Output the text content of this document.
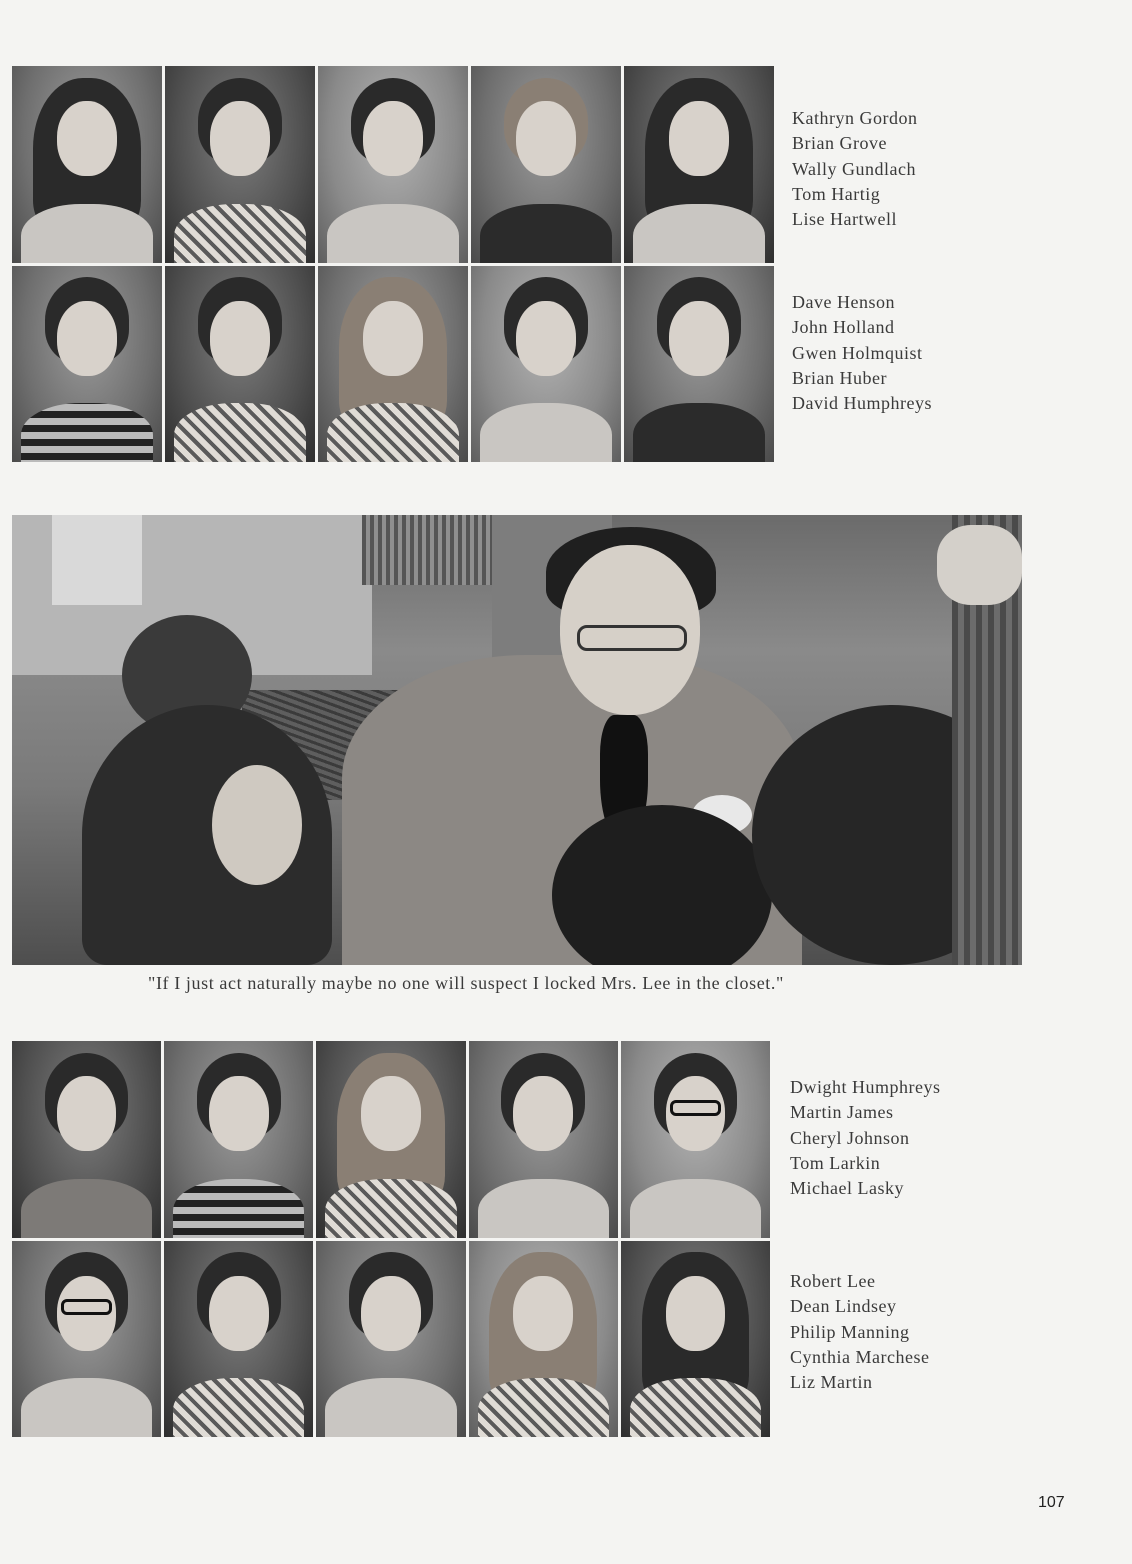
Kathryn Gordon
Brian Grove
Wally Gundlach
Tom Hartig
Lise Hartwell
Dave Henson
John Holland
Gwen Holmquist
Brian Huber
David Humphreys
"If I just act naturally maybe no one will suspect I locked Mrs. Lee in the closet."
Dwight Humphreys
Martin James
Cheryl Johnson
Tom Larkin
Michael Lasky
Robert Lee
Dean Lindsey
Philip Manning
Cynthia Marchese
Liz Martin
107
